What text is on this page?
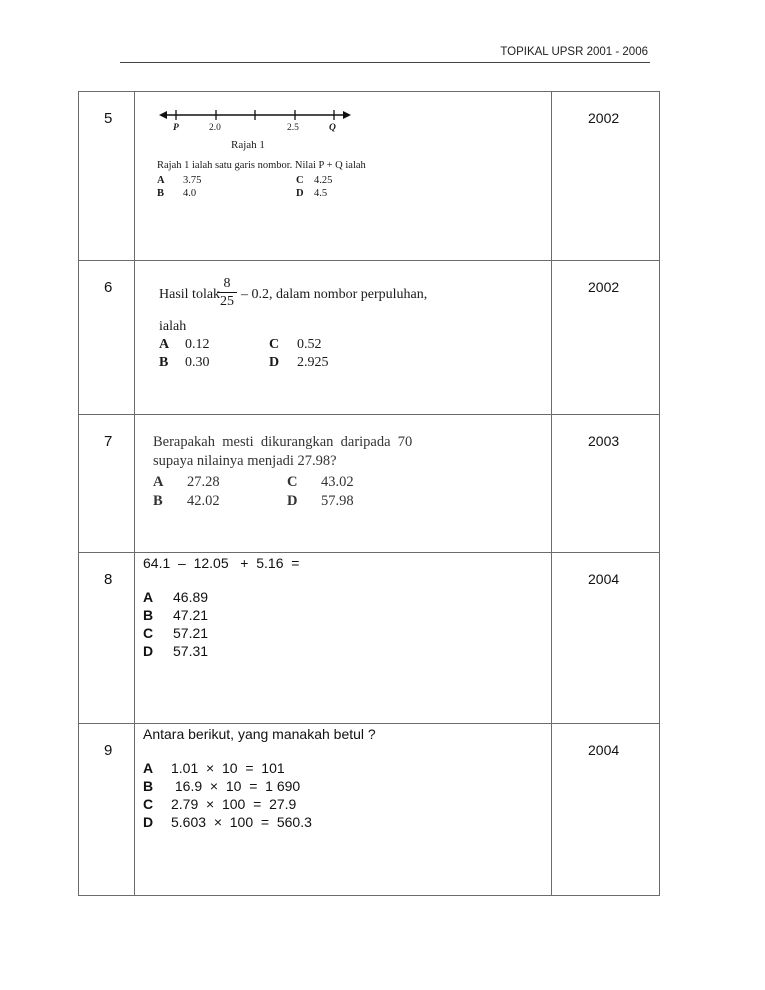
TOPIKAL UPSR 2001 - 2006
5

P	2.0	2.5	Q
Rajah 1
Rajah 1 ialah satu garis nombor. Nilai P + Q ialah
A	3.75	C 4.25
B	4.0	D 4.5

2002

6	Hasil tolak
$\frac{8}{25} - 0.2$, dalam nombor perpuluhan,
ialah
A	0.12	C	0.52
B	0.30	D	2.925

2002

7	Berapakah  mesti  dikurangkan  daripada  70
supaya nilainya menjadi 27.98?
A	27.28	C	43.02
B	42.02	D	57.98

2003

8

64.1  –  12.05   +  5.16  =
A	46.89
B	47.21
C	57.21
D	57.31

2004

9

Antara berikut, yang manakah betul ?
A	1.01  ×  10  =  101
B	16.9  ×  10  =  1 690
C	2.79  ×  100  =  27.9
D	5.603  ×  100  =  560.3

2004
